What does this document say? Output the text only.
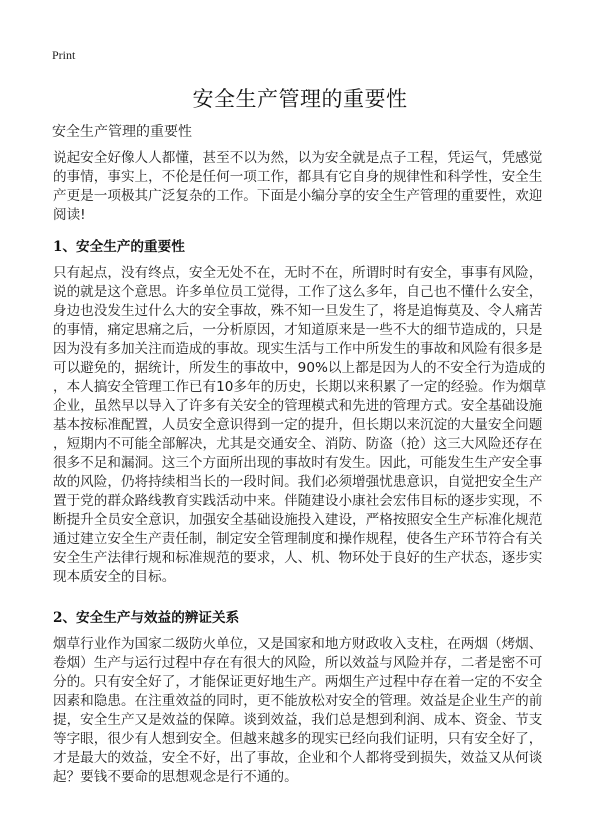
Print
安全生产管理的重要性
安全生产管理的重要性
说起安全好像人人都懂，甚至不以为然，以为安全就是点子工程，凭运气，凭感觉
的事情，事实上，不伦是任何一项工作，都具有它自身的规律性和科学性，安全生
产更是一项极其广泛复杂的工作。下面是小编分享的安全生产管理的重要性，欢迎
阅读!
1、安全生产的重要性
只有起点，没有终点，安全无处不在，无时不在，所谓时时有安全，事事有风险，
说的就是这个意思。许多单位员工觉得，工作了这么多年，自己也不懂什么安全，
身边也没发生过什么大的安全事故，殊不知一旦发生了，将是追悔莫及、令人痛苦
的事情，痛定思痛之后，一分析原因，才知道原来是一些不大的细节造成的，只是
因为没有多加关注而造成的事故。现实生活与工作中所发生的事故和风险有很多是
可以避免的，据统计，所发生的事故中，90%以上都是因为人的不安全行为造成的
，本人搞安全管理工作已有10多年的历史，长期以来积累了一定的经验。作为烟草
企业，虽然早以导入了许多有关安全的管理模式和先进的管理方式。安全基础设施
基本按标准配置，人员安全意识得到一定的提升，但长期以来沉淀的大量安全问题
，短期内不可能全部解决，尤其是交通安全、消防、防盗（抢）这三大风险还存在
很多不足和漏洞。这三个方面所出现的事故时有发生。因此，可能发生生产安全事
故的风险，仍将持续相当长的一段时间。我们必须增强忧患意识，自觉把安全生产
置于党的群众路线教育实践活动中来。伴随建设小康社会宏伟目标的逐步实现，不
断提升全员安全意识，加强安全基础设施投入建设，严格按照安全生产标准化规范
通过建立安全生产责任制，制定安全管理制度和操作规程，使各生产环节符合有关
安全生产法律行规和标准规范的要求，人、机、物环处于良好的生产状态，逐步实
现本质安全的目标。
2、安全生产与效益的辨证关系
烟草行业作为国家二级防火单位，又是国家和地方财政收入支柱，在两烟（烤烟、
卷烟）生产与运行过程中存在有很大的风险，所以效益与风险并存，二者是密不可
分的。只有安全好了，才能保证更好地生产。两烟生产过程中存在着一定的不安全
因素和隐患。在注重效益的同时，更不能放松对安全的管理。效益是企业生产的前
提，安全生产又是效益的保障。谈到效益，我们总是想到利润、成本、资金、节支
等字眼，很少有人想到安全。但越来越多的现实已经向我们证明，只有安全好了，
才是最大的效益，安全不好，出了事故，企业和个人都将受到损失，效益又从何谈
起？要钱不要命的思想观念是行不通的。
